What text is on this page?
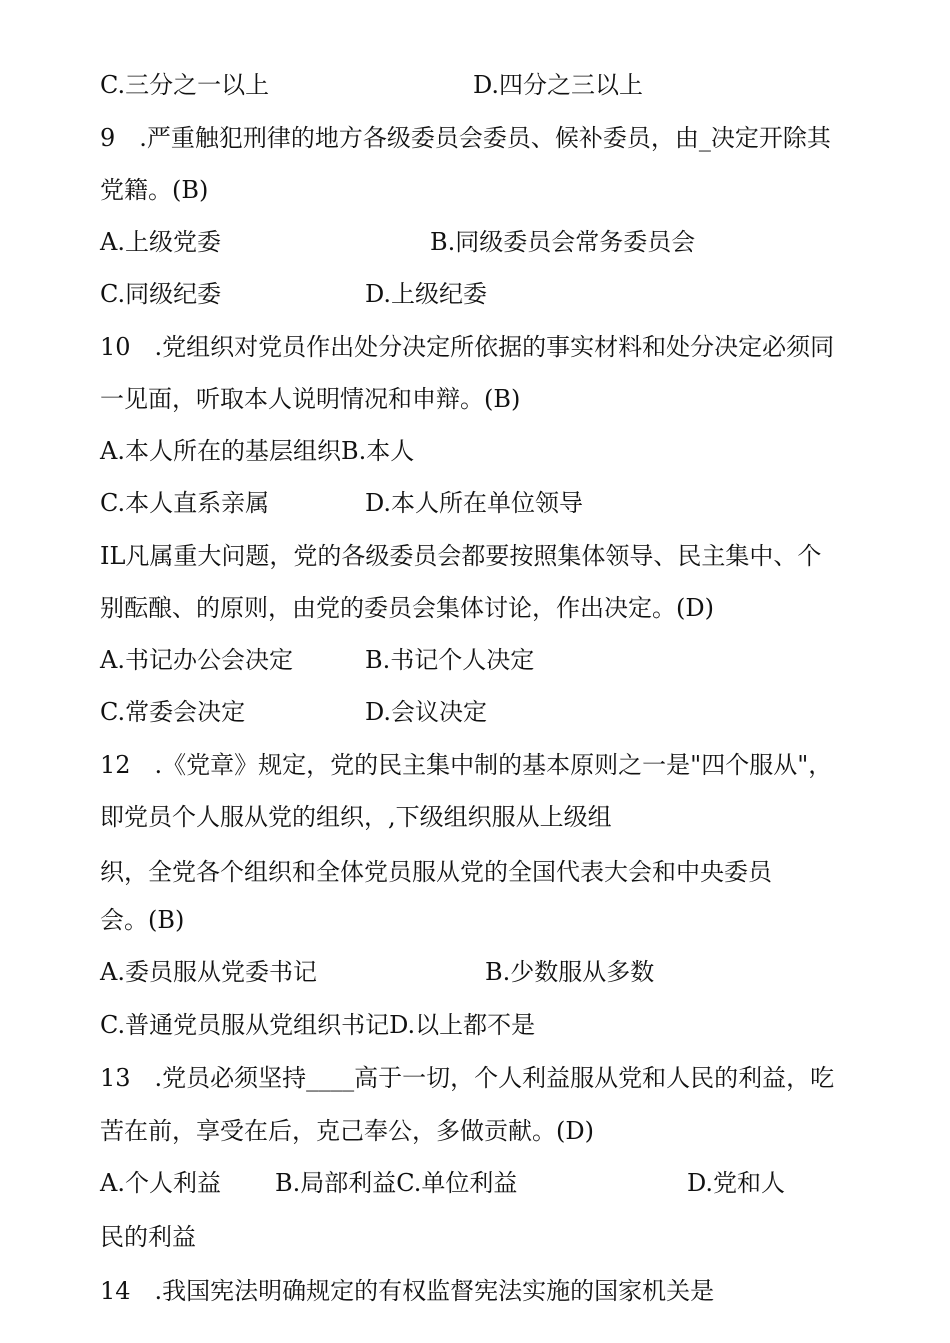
C.三分之一以上	D.四分之三以上
9　.严重触犯刑律的地方各级委员会委员、候补委员，由_决定开除其
党籍。(B)
A.上级党委	B.同级委员会常务委员会
C.同级纪委	D.上级纪委
10　.党组织对党员作出处分决定所依据的事实材料和处分决定必须同
一见面，听取本人说明情况和申辩。(B)
A.本人所在的基层组织B.本人
C.本人直系亲属	D.本人所在单位领导
IL凡属重大问题，党的各级委员会都要按照集体领导、民主集中、个
别酝酿、的原则，由党的委员会集体讨论，作出决定。(D)
A.书记办公会决定	B.书记个人决定
C.常委会决定	D.会议决定
12　.《党章》规定，党的民主集中制的基本原则之一是"四个服从"，
即党员个人服从党的组织，,下级组织服从上级组
织，全党各个组织和全体党员服从党的全国代表大会和中央委员
会。(B)
A.委员服从党委书记	B.少数服从多数
C.普通党员服从党组织书记D.以上都不是
13　.党员必须坚持____高于一切，个人利益服从党和人民的利益，吃
苦在前，享受在后，克己奉公，多做贡献。(D)
A.个人利益 B.局部利益C.单位利益	D.党和人
民的利益
14　.我国宪法明确规定的有权监督宪法实施的国家机关是
